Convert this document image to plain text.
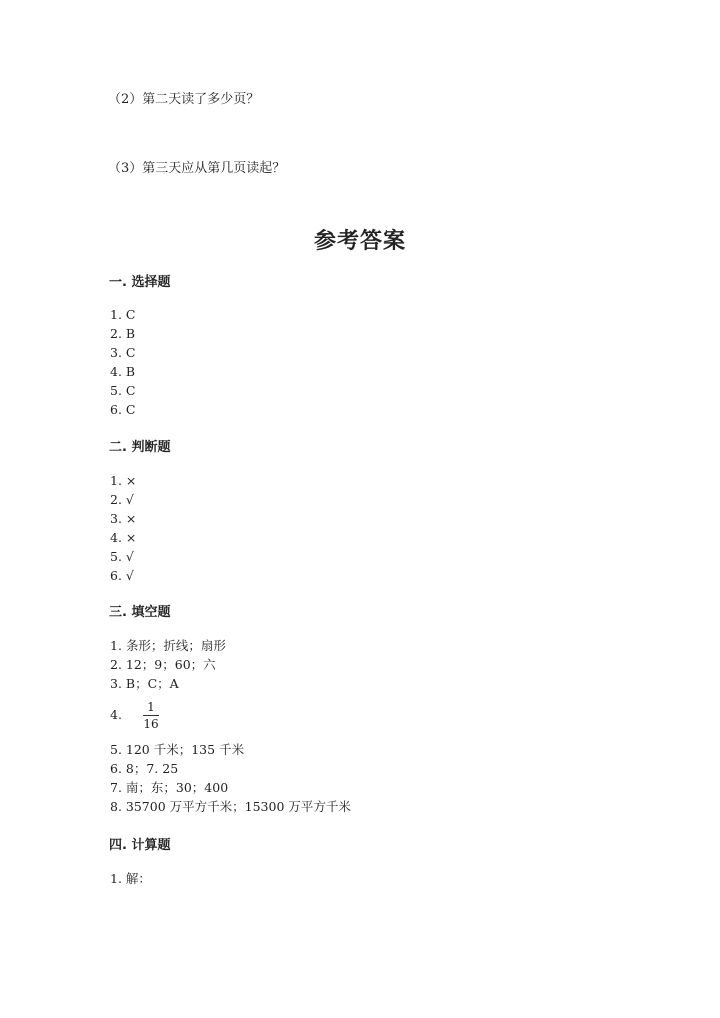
（2）第二天读了多少页？
（3）第三天应从第几页读起？
参考答案
一. 选择题
1. C
2. B
3. C
4. B
5. C
6. C
二. 判断题
1. ×
2. √
3. ×
4. ×
5. √
6. √
三. 填空题
1. 条形；折线；扇形
2. 12；9；60；六
3. B；C；A
4. 1
16
5. 120 千米；135 千米
6. 8；7. 25
7. 南；东；30；400
8. 35700 万平方千米；15300 万平方千米
四. 计算题
1. 解：
